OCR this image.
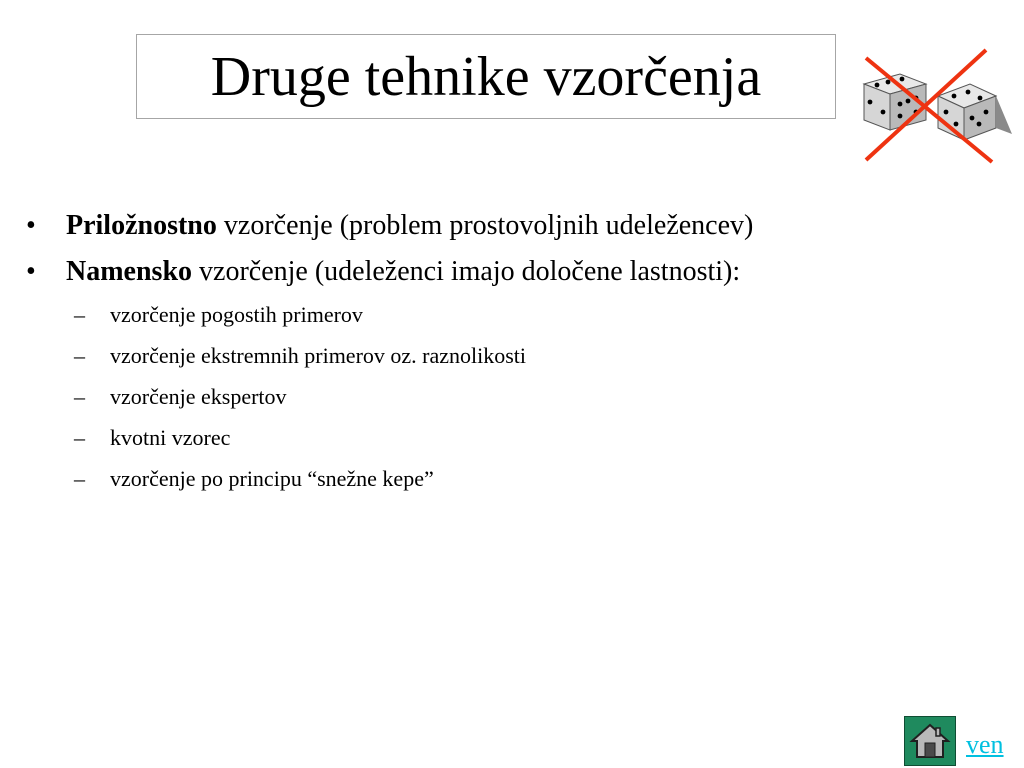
Druge tehnike vzorčenja
•	Priložnostno vzorčenje (problem prostovoljnih udeležencev)
•	Namensko vzorčenje (udeleženci imajo določene lastnosti):
–	vzorčenje pogostih primerov
–	vzorčenje ekstremnih primerov oz. raznolikosti
–	vzorčenje ekspertov
–	kvotni vzorec
–	vzorčenje po principu “snežne kepe”
ven
